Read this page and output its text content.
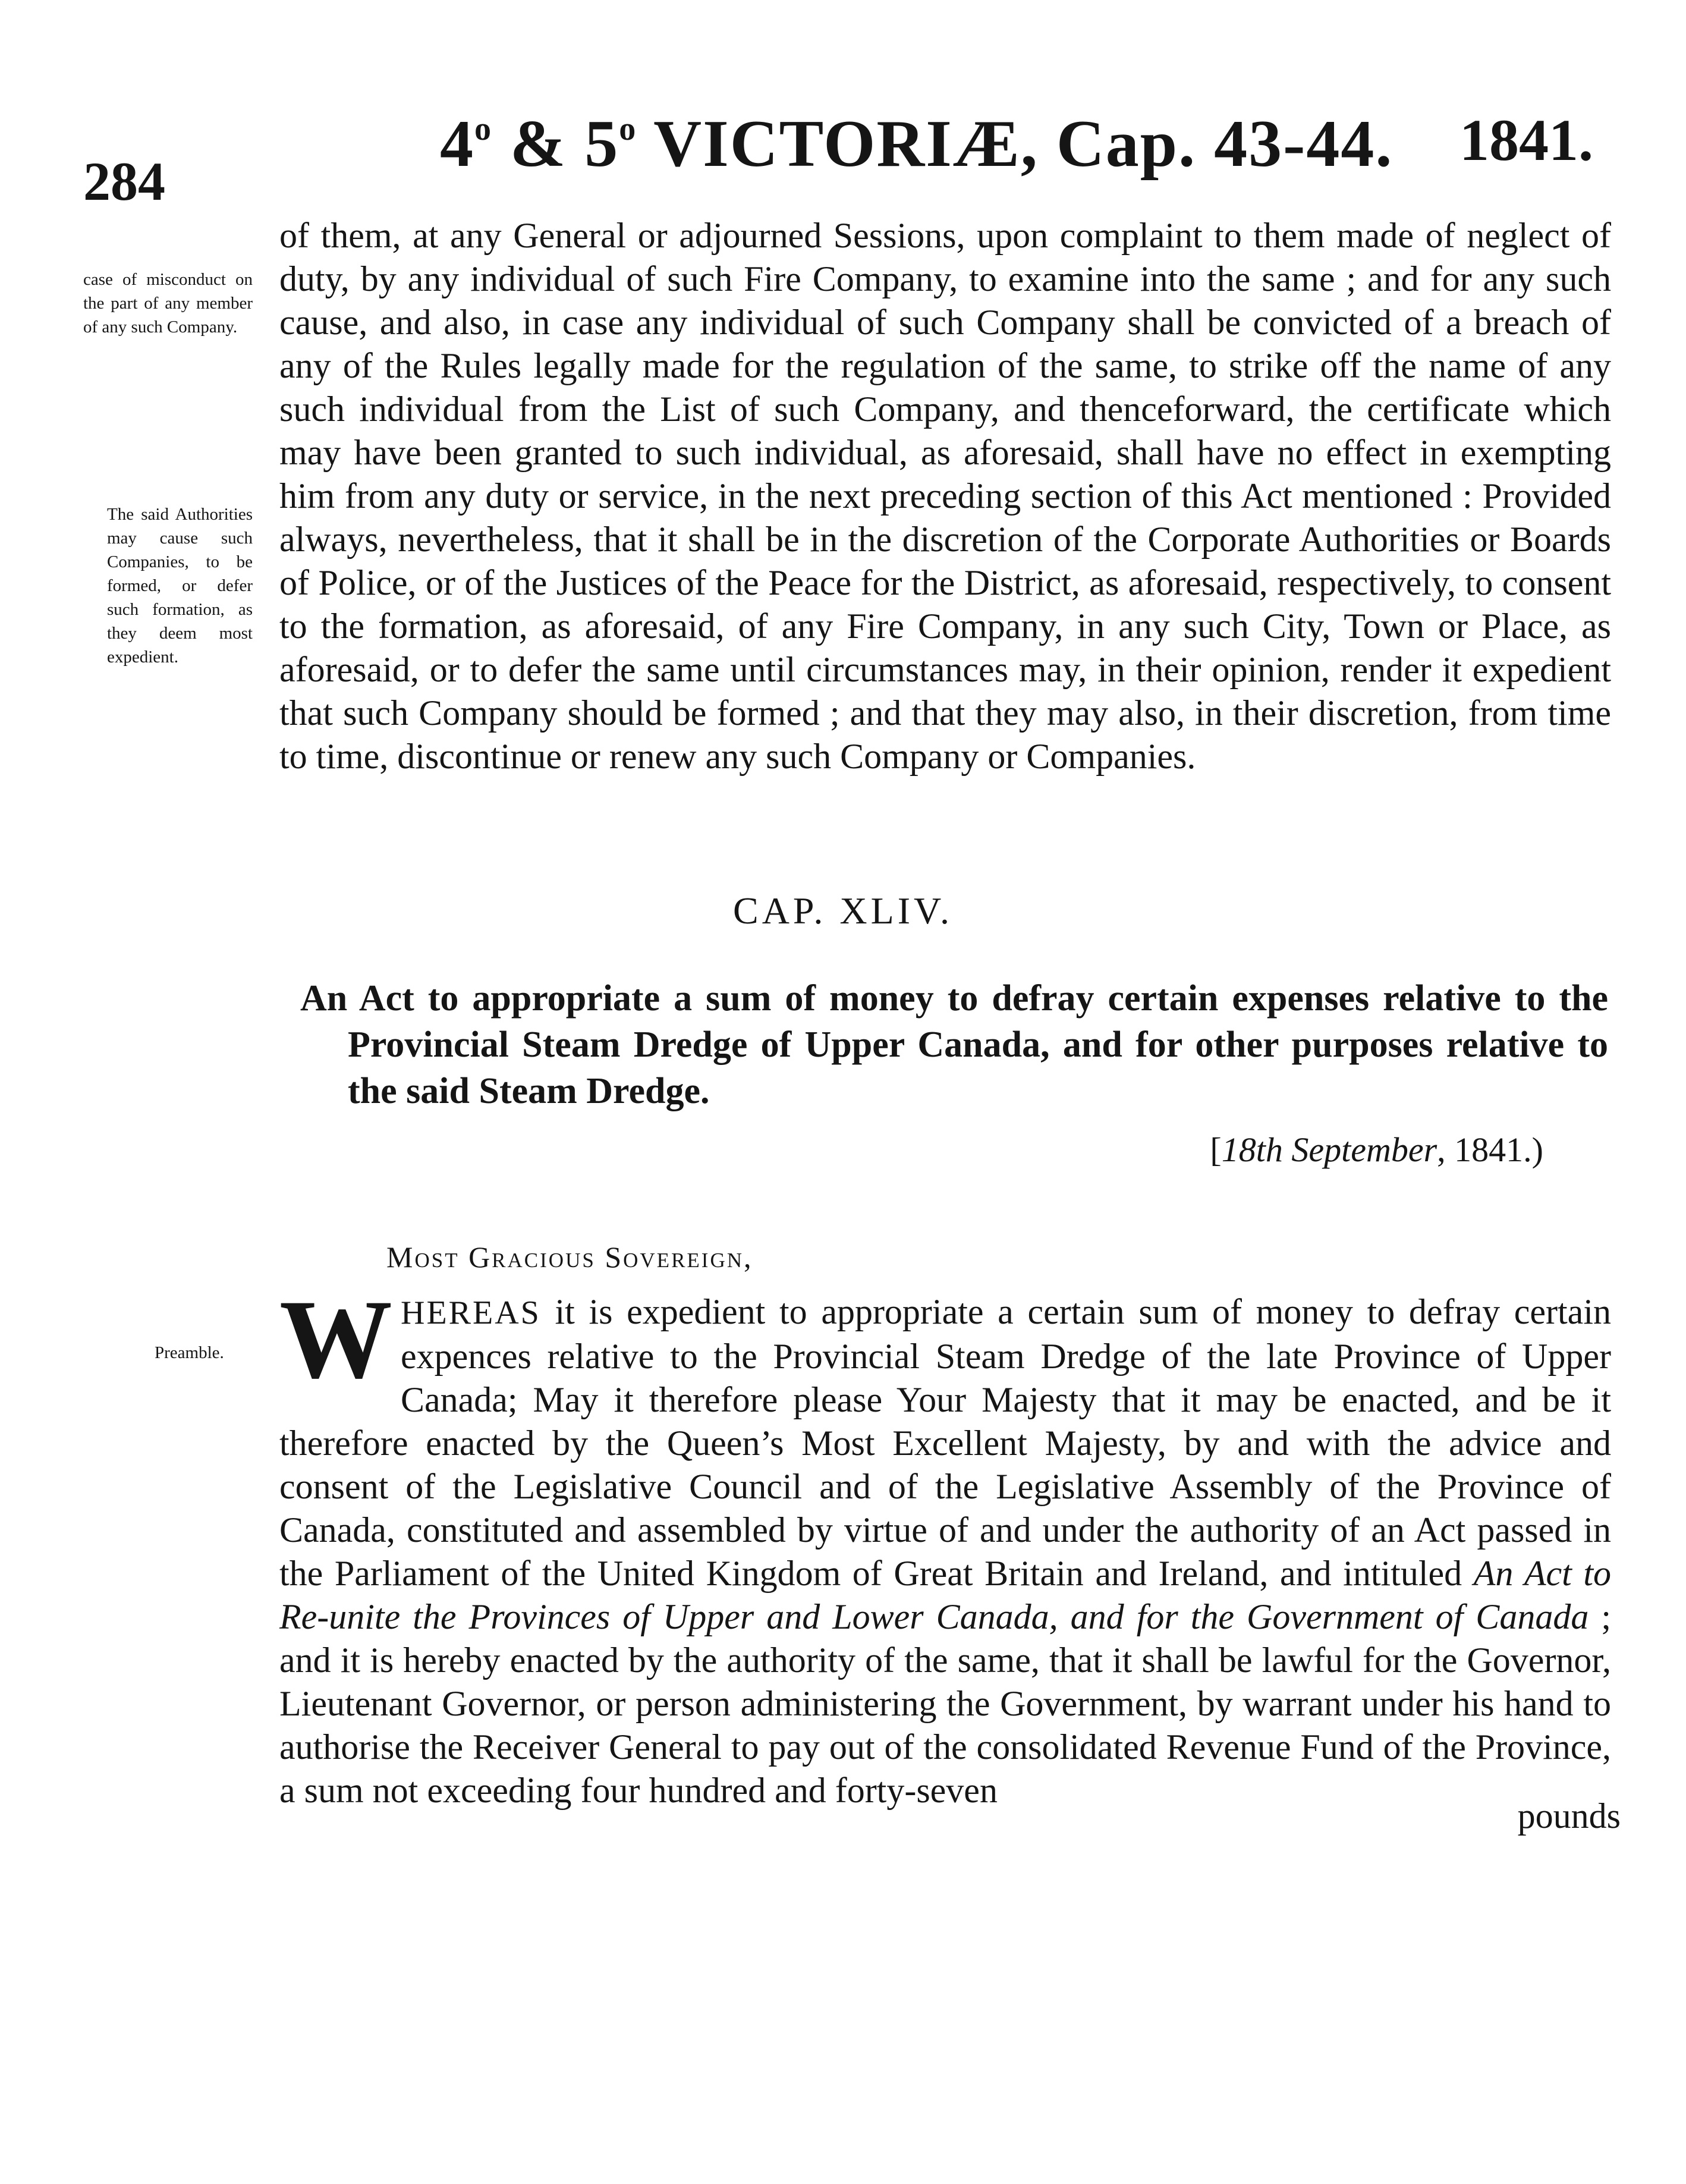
284
4$^o$ & 5$^o$ VICTORIÆ, Cap. 43-44. 1841.
case of misconduct on the part of any member of any such Company.
The said Authorities may cause such Companies, to be formed, or defer such formation, as they deem most expedient.
Preamble.
of them, at any General or adjourned Sessions, upon complaint to them made of neglect of duty, by any individual of such Fire Company, to examine into the same ; and for any such cause, and also, in case any individual of such Company shall be convicted of a breach of any of the Rules legally made for the regulation of the same, to strike off the name of any such individual from the List of such Company, and thenceforward, the certificate which may have been granted to such individual, as aforesaid, shall have no effect in exempting him from any duty or service, in the next preceding section of this Act mentioned : Provided always, nevertheless, that it shall be in the discretion of the Corporate Authorities or Boards of Police, or of the Justices of the Peace for the District, as aforesaid, respectively, to consent to the formation, as aforesaid, of any Fire Company, in any such City, Town or Place, as aforesaid, or to defer the same until circumstances may, in their opinion, render it expedient that such Company should be formed ; and that they may also, in their discretion, from time to time, discontinue or renew any such Company or Companies.
CAP. XLIV.
An Act to appropriate a sum of money to defray certain expenses relative to the Provincial Steam Dredge of Upper Canada, and for other purposes relative to the said Steam Dredge.
[18th September, 1841.)
Most Gracious Sovereign,
WHEREAS it is expedient to appropriate a certain sum of money to defray certain expences relative to the Provincial Steam Dredge of the late Province of Upper Canada; May it therefore please Your Majesty that it may be enacted, and be it therefore enacted by the Queen’s Most Excellent Majesty, by and with the advice and consent of the Legislative Council and of the Legislative Assembly of the Province of Canada, constituted and assembled by virtue of and under the authority of an Act passed in the Parliament of the United Kingdom of Great Britain and Ireland, and intituled An Act to Re-unite the Provinces of Upper and Lower Canada, and for the Government of Canada ; and it is hereby enacted by the authority of the same, that it shall be lawful for the Governor, Lieutenant Governor, or person administering the Government, by warrant under his hand to authorise the Receiver General to pay out of the consolidated Revenue Fund of the Province, a sum not exceeding four hundred and forty-seven
pounds
